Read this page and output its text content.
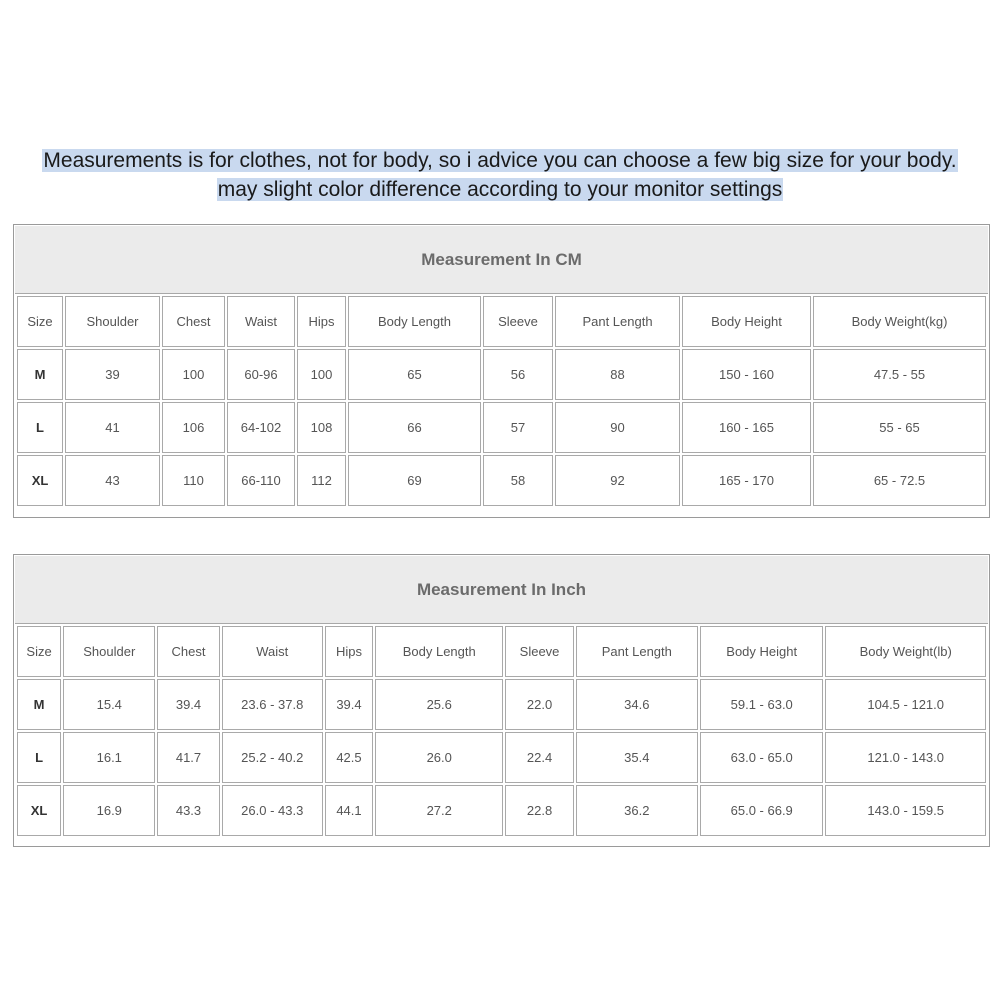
Measurements is for clothes, not for body, so i advice you can choose a few big size for your body.
may slight color difference according to your monitor settings
Measurement In CM
Size	Shoulder	Chest	Waist	Hips	Body Length	Sleeve	Pant Length	Body Height	Body Weight(kg)
M	39	100	60-96	100	65	56	88	150 - 160	47.5 - 55
L	41	106	64-102	108	66	57	90	160 - 165	55 - 65
XL	43	110	66-110	112	69	58	92	165 - 170	65 - 72.5
Measurement In Inch
Size	Shoulder	Chest	Waist	Hips	Body Length	Sleeve	Pant Length	Body Height	Body Weight(lb)
M	15.4	39.4	23.6 - 37.8	39.4	25.6	22.0	34.6	59.1 - 63.0	104.5 - 121.0
L	16.1	41.7	25.2 - 40.2	42.5	26.0	22.4	35.4	63.0 - 65.0	121.0 - 143.0
XL	16.9	43.3	26.0 - 43.3	44.1	27.2	22.8	36.2	65.0 - 66.9	143.0 - 159.5
